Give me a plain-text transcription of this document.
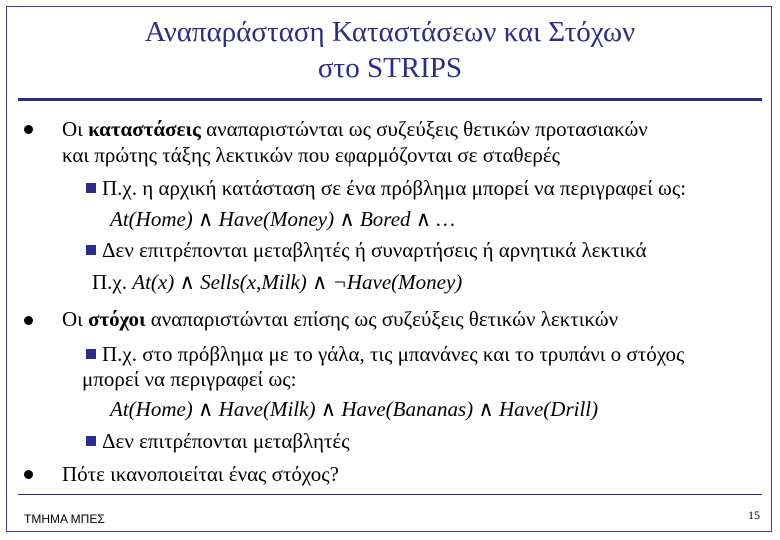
Αναπαράσταση Καταστάσεων και Στόχων
στο STRIPS
Οι καταστάσεις αναπαριστώνται ως συζεύξεις θετικών προτασιακών
και πρώτης τάξης λεκτικών που εφαρμόζονται σε σταθερές
Π.χ. η αρχική κατάσταση σε ένα πρόβλημα μπορεί να περιγραφεί ως:
At(Home) ∧ Have(Money) ∧ Bored ∧ …
Δεν επιτρέπονται μεταβλητές ή συναρτήσεις ή αρνητικά λεκτικά
Π.χ. At(x) ∧ Sells(x,Milk) ∧ ¬Have(Money)
Οι στόχοι αναπαριστώνται επίσης ως συζεύξεις θετικών λεκτικών
Π.χ. στο πρόβλημα με το γάλα, τις μπανάνες και το τρυπάνι ο στόχος
μπορεί να περιγραφεί ως:
At(Home) ∧ Have(Milk) ∧ Have(Bananas) ∧ Have(Drill)
Δεν επιτρέπονται μεταβλητές
Πότε ικανοποιείται ένας στόχος?
ΤΜΗΜΑ ΜΠΕΣ	15
